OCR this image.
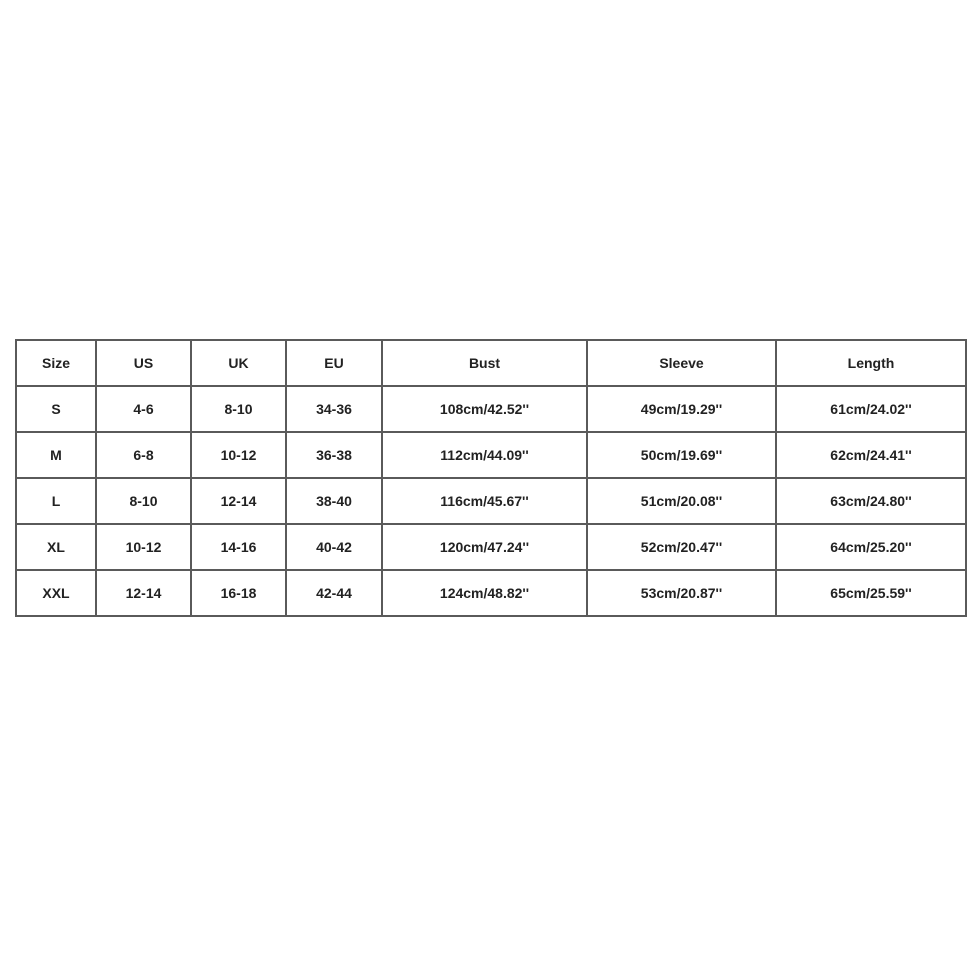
Size	US	UK	EU	Bust	Sleeve	Length
S	4-6	8-10	34-36	108cm/42.52''	49cm/19.29''	61cm/24.02''
M	6-8	10-12	36-38	112cm/44.09''	50cm/19.69''	62cm/24.41''
L	8-10	12-14	38-40	116cm/45.67''	51cm/20.08''	63cm/24.80''
XL	10-12	14-16	40-42	120cm/47.24''	52cm/20.47''	64cm/25.20''
XXL	12-14	16-18	42-44	124cm/48.82''	53cm/20.87''	65cm/25.59''
